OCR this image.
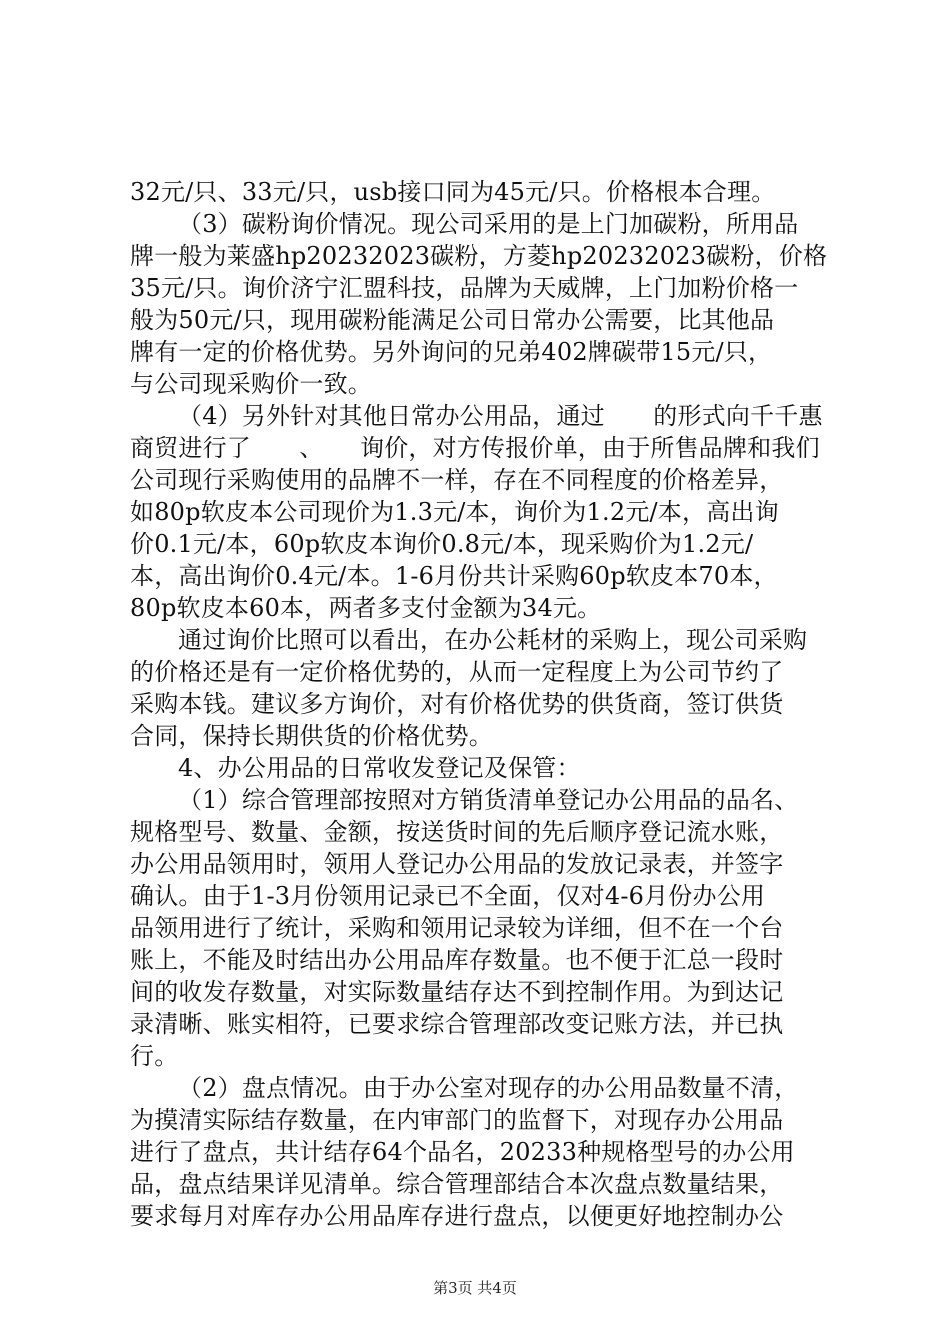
32元/只、33元/只，usb接口同为45元/只。价格根本合理。
（3）碳粉询价情况。现公司采用的是上门加碳粉，所用品
牌一般为莱盛hp20232023碳粉，方菱hp20232023碳粉，价格
35元/只。询价济宁汇盟科技，品牌为天威牌，上门加粉价格一
般为50元/只，现用碳粉能满足公司日常办公需要，比其他品
牌有一定的价格优势。另外询问的兄弟402牌碳带15元/只，
与公司现采购价一致。
（4）另外针对其他日常办公用品，通过　　的形式向千千惠
商贸进行了　　、　　询价，对方传报价单，由于所售品牌和我们
公司现行采购使用的品牌不一样，存在不同程度的价格差异，
如80p软皮本公司现价为1.3元/本，询价为1.2元/本，高出询
价0.1元/本，60p软皮本询价0.8元/本，现采购价为1.2元/
本，高出询价0.4元/本。1-6月份共计采购60p软皮本70本，
80p软皮本60本，两者多支付金额为34元。
通过询价比照可以看出，在办公耗材的采购上，现公司采购
的价格还是有一定价格优势的，从而一定程度上为公司节约了
采购本钱。建议多方询价，对有价格优势的供货商，签订供货
合同，保持长期供货的价格优势。
4、办公用品的日常收发登记及保管：
（1）综合管理部按照对方销货清单登记办公用品的品名、
规格型号、数量、金额，按送货时间的先后顺序登记流水账，
办公用品领用时，领用人登记办公用品的发放记录表，并签字
确认。由于1-3月份领用记录已不全面，仅对4-6月份办公用
品领用进行了统计，采购和领用记录较为详细，但不在一个台
账上，不能及时结出办公用品库存数量。也不便于汇总一段时
间的收发存数量，对实际数量结存达不到控制作用。为到达记
录清晰、账实相符，已要求综合管理部改变记账方法，并已执
行。
（2）盘点情况。由于办公室对现存的办公用品数量不清，
为摸清实际结存数量，在内审部门的监督下，对现存办公用品
进行了盘点，共计结存64个品名，20233种规格型号的办公用
品，盘点结果详见清单。综合管理部结合本次盘点数量结果，
要求每月对库存办公用品库存进行盘点，以便更好地控制办公
第3页 共4页
